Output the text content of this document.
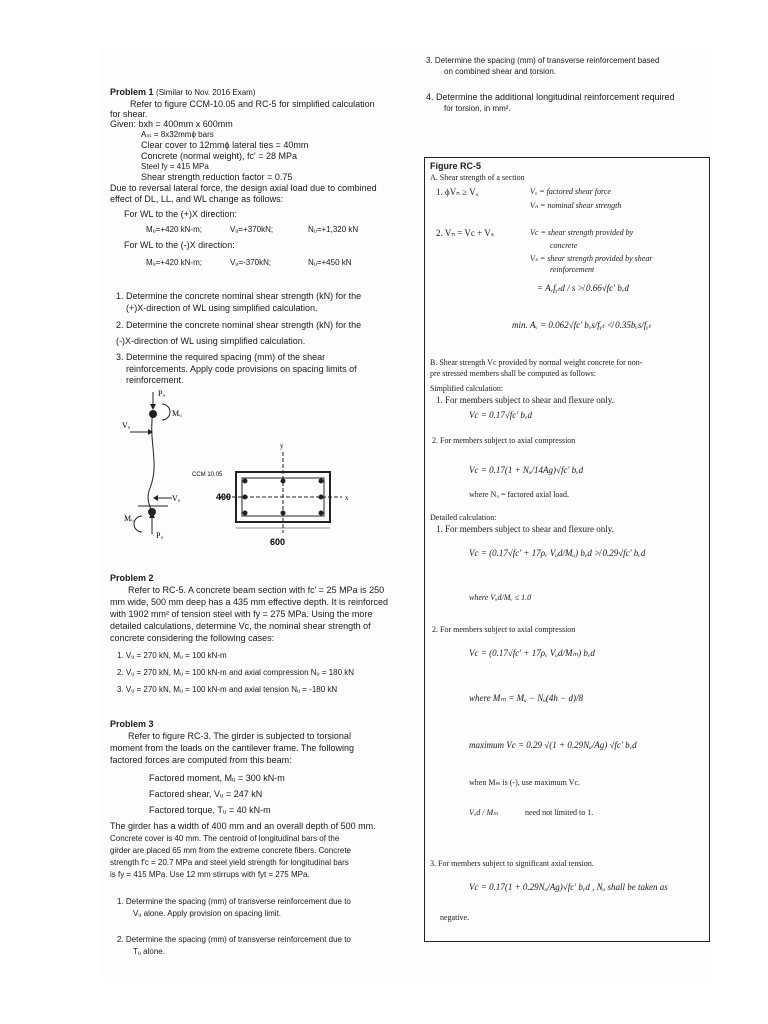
3. Determine the spacing (mm) of transverse reinforcement based
on combined shear and torsion.
4. Determine the additional longitudinal reinforcement required
for torsion, in mm².
Problem 1 (Similar to Nov. 2016 Exam)
Refer to figure CCM-10.05 and RC-5 for simplified calculation
for shear.
Given: bxh = 400mm x 600mm
Aₛₜ = 8x32mmϕ bars
Clear cover to 12mmϕ lateral ties = 40mm
Concrete (normal weight), fc' = 28 MPa
Steel fy = 415 MPa
Shear strength reduction factor = 0.75
Due to reversal lateral force, the design axial load due to combined
effect of DL, LL, and WL change as follows:
For WL to the (+)X direction:
Mᵤ=+420 kN-m;	Vᵤ=+370kN;	Nᵤ=+1,320 kN
For WL to the (-)X direction:
Mᵤ=+420 kN-m;	Vᵤ=-370kN;	Nᵤ=+450 kN
1. Determine the concrete nominal shear strength (kN) for the
(+)X-direction of WL using simplified calculation.
2. Determine the concrete nominal shear strength (kN) for the
(-)X-direction of WL using simplified calculation.
3. Determine the required spacing (mm) of the shear
reinforcements. Apply code provisions on spacing limits of
reinforcement.
Pᵤ
Mᵤ
Vᵤ
Vᵤ
Mᵤ
Pᵤ
CCM 10.05
y
x
400
600
Problem 2
Refer to RC-5. A concrete beam section with fc' = 25 MPa is 250
mm wide, 500 mm deep has a 435 mm effective depth. It is reinforced
with 1902 mm² of tension steel with fy = 275 MPa. Using the more
detailed calculations, determine Vc, the nominal shear strength of
concrete considering the following cases:
1. Vᵤ = 270 kN, Mᵤ = 100 kN-m
2. Vᵤ = 270 kN, Mᵤ = 100 kN-m and axial compression Nᵤ = 180 kN
3. Vᵤ = 270 kN, Mᵤ = 100 kN-m and axial tension Nᵤ = -180 kN
Problem 3
Refer to figure RC-3. The girder is subjected to torsional
moment from the loads on the cantilever frame. The following
factored forces are computed from this beam:
Factored moment, Mᵤ = 300 kN-m
Factored shear, Vᵤ = 247 kN
Factored torque, Tᵤ = 40 kN-m
The girder has a width of 400 mm and an overall depth of 500 mm.
Concrete cover is 40 mm. The centroid of longitudinal bars of the
girder are placed 65 mm from the extreme concrete fibers. Concrete
strength f'c = 20.7 MPa and steel yield strength for longitudinal bars
is fy = 415 MPa. Use 12 mm stirrups with fyt = 275 MPa.
1. Determine the spacing (mm) of transverse reinforcement due to
Vᵤ alone. Apply provision on spacing limit.
2. Determine the spacing (mm) of transverse reinforcement due to
Tᵤ alone.
Figure RC-5
A. Shear strength of a section
1. ϕVₙ ≥ Vᵤ	Vᵤ = factored shear force
Vₙ = nominal shear strength
2. Vₙ = Vc + Vₛ	Vc = shear strength provided by
concrete
Vₛ = shear strength provided by shear
reinforcement
= Aᵥfᵧₜd / s ≯ 0.66√fc' bᵥd
min. Aᵥ = 0.062√fc' bᵥs/fᵧₜ ≮ 0.35bᵥs/fᵧₜ
B. Shear strength Vc provided by normal weight concrete for non-
pre stressed members shall be computed as follows:
Simplified calculation:
1. For members subject to shear and flexure only.
Vc = 0.17√fc' bᵥd
2. For members subject to axial compression
Vc = 0.17(1 + Nᵤ/14Ag)√fc' bᵥd
where Nᵤ = factored axial load.
Detailed calculation:
1. For members subject to shear and flexure only.
Vc = (0.17√fc' + 17ρᵥ Vᵤd/Mᵤ) bᵥd ≯ 0.29√fc' bᵥd
where Vᵤd/Mᵤ ≤ 1.0
2. For members subject to axial compression
Vc = (0.17√fc' + 17ρᵥ Vᵤd/Mₘ) bᵥd
where Mₘ = Mᵤ − Nᵤ(4h − d)/8
maximum Vc = 0.29 √(1 + 0.29Nᵤ/Ag) √fc' bᵥd
when Mₘ is (-), use maximum Vc.
Vᵤd / Mₘ	need not limited to 1.
3. For members subject to significant axial tension.
Vc = 0.17(1 + 0.29Nᵤ/Ag)√fc' bᵥd , Nᵤ shall be taken as
negative.
